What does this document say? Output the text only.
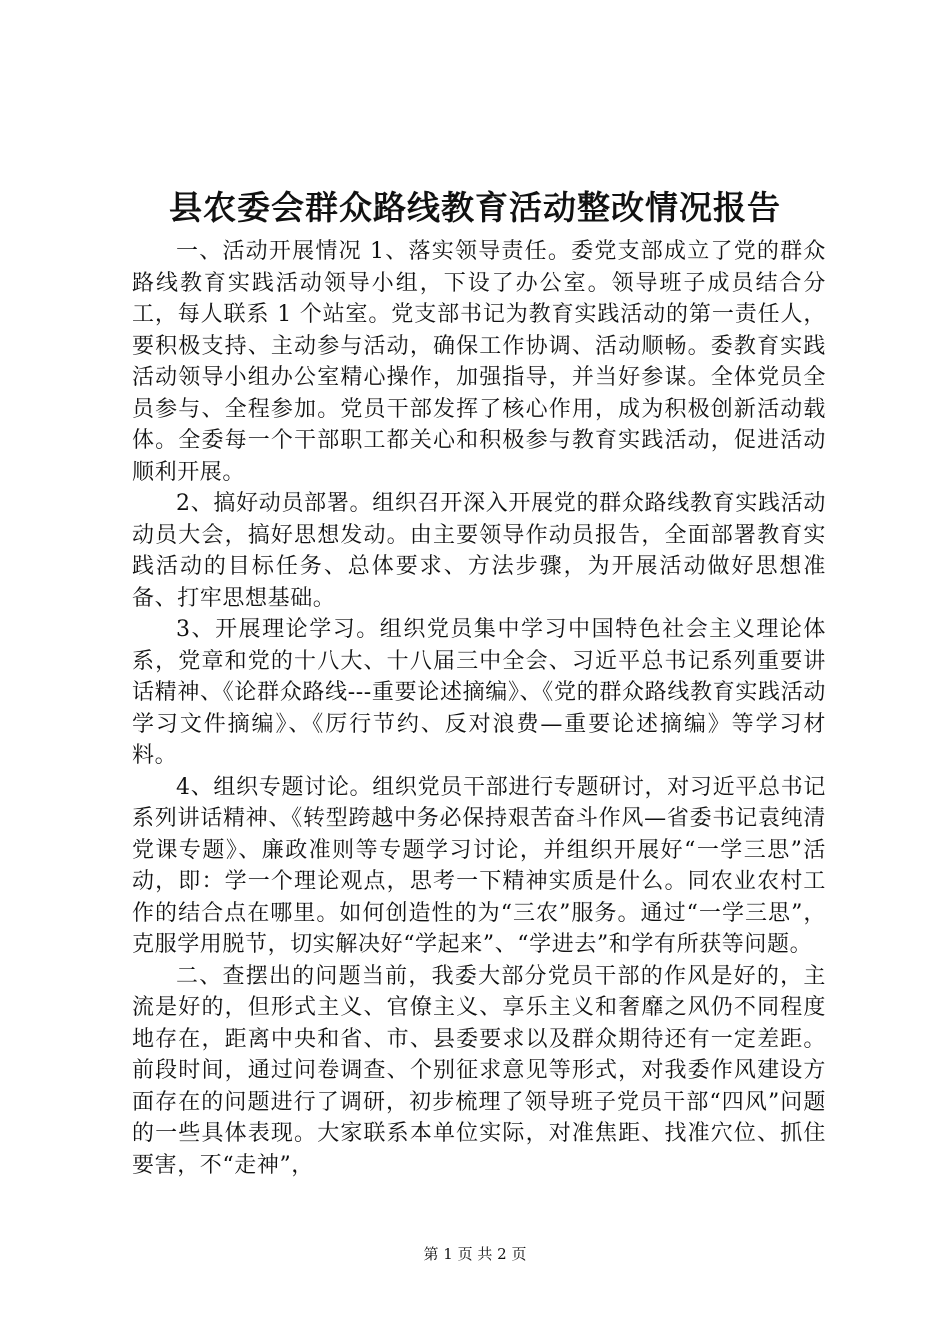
县农委会群众路线教育活动整改情况报告

一、活动开展情况 1、落实领导责任。委党支部成立了党的群众路线教育实践活动领导小组，下设了办公室。领导班子成员结合分工，每人联系 1 个站室。党支部书记为教育实践活动的第一责任人，要积极支持、主动参与活动，确保工作协调、活动顺畅。委教育实践活动领导小组办公室精心操作，加强指导，并当好参谋。全体党员全员参与、全程参加。党员干部发挥了核心作用，成为积极创新活动载体。全委每一个干部职工都关心和积极参与教育实践活动，促进活动顺利开展。

2、搞好动员部署。组织召开深入开展党的群众路线教育实践活动动员大会，搞好思想发动。由主要领导作动员报告，全面部署教育实践活动的目标任务、总体要求、方法步骤，为开展活动做好思想准备、打牢思想基础。

3、开展理论学习。组织党员集中学习中国特色社会主义理论体系，党章和党的十八大、十八届三中全会、习近平总书记系列重要讲话精神、《论群众路线---重要论述摘编》、《党的群众路线教育实践活动学习文件摘编》、《厉行节约、反对浪费—重要论述摘编》等学习材料。

4、组织专题讨论。组织党员干部进行专题研讨，对习近平总书记系列讲话精神、《转型跨越中务必保持艰苦奋斗作风—省委书记袁纯清党课专题》、廉政准则等专题学习讨论，并组织开展好“一学三思”活动，即：学一个理论观点，思考一下精神实质是什么。同农业农村工作的结合点在哪里。如何创造性的为“三农”服务。通过“一学三思”，克服学用脱节，切实解决好“学起来”、“学进去”和学有所获等问题。

二、查摆出的问题当前，我委大部分党员干部的作风是好的，主流是好的，但形式主义、官僚主义、享乐主义和奢靡之风仍不同程度地存在，距离中央和省、市、县委要求以及群众期待还有一定差距。前段时间，通过问卷调查、个别征求意见等形式，对我委作风建设方面存在的问题进行了调研，初步梳理了领导班子党员干部“四风”问题的一些具体表现。大家联系本单位实际，对准焦距、找准穴位、抓住要害，不“走神”，

第 1 页 共 2 页
